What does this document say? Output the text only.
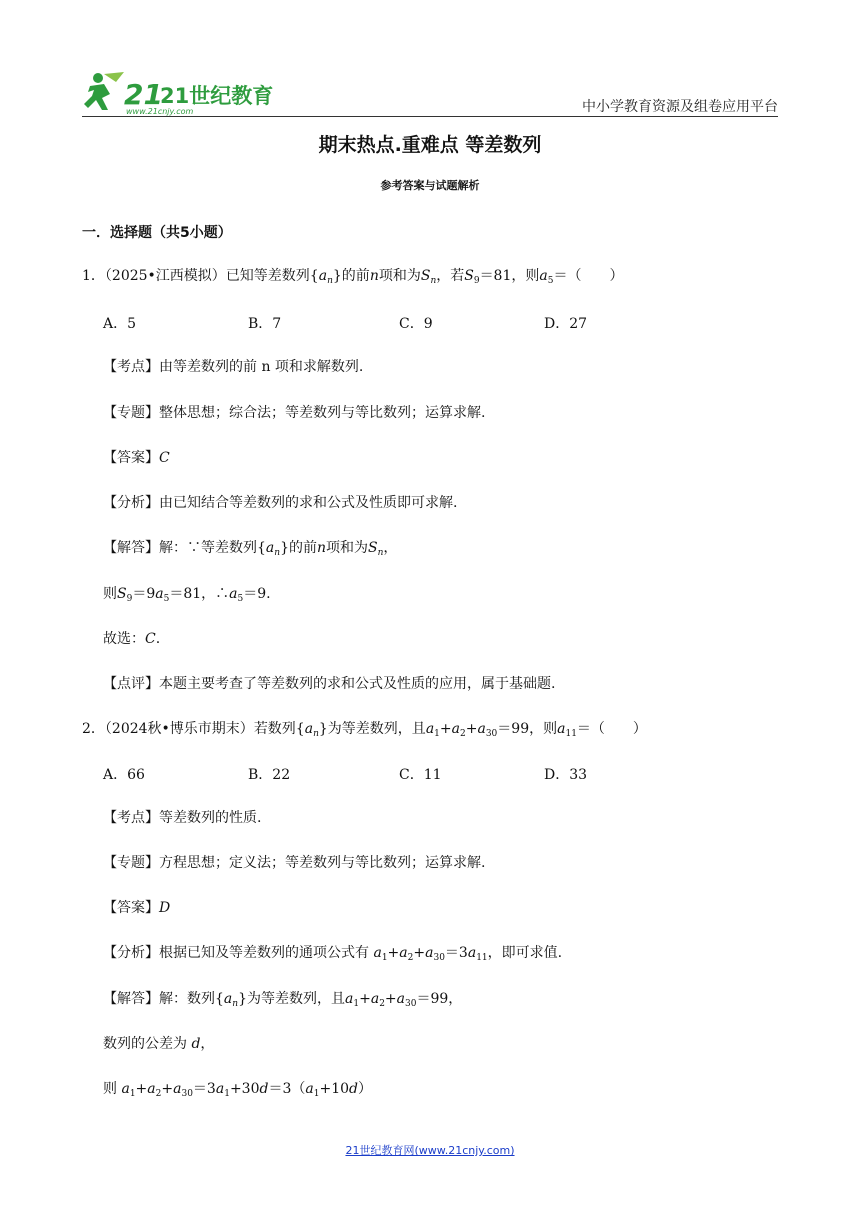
21
21世纪教育
www.21cnjy.com	中小学教育资源及组卷应用平台
期末热点.重难点 等差数列
参考答案与试题解析
一．选择题（共5小题）
1．（2025•江西模拟）已知等差数列$\{a_n\}$的前n项和为$S_n$，若$S_9=81$，则$a_5=$（　　）
A．5	B．7	C．9	D．27
【考点】由等差数列的前 n 项和求解数列.
【专题】整体思想；综合法；等差数列与等比数列；运算求解.
【答案】C
【分析】由已知结合等差数列的求和公式及性质即可求解.
【解答】解：∵等差数列$\{a_n\}$的前n项和为$S_n$，
则$S_9=9a_5=81$，$\therefore a_5=9$.
故选：C.
【点评】本题主要考查了等差数列的求和公式及性质的应用，属于基础题.
2．（2024秋•博乐市期末）若数列$\{a_n\}$为等差数列，且$a_1+a_2+a_{30}=99$，则$a_{11}=$（　　）
A．66	B．22	C．11	D．33
【考点】等差数列的性质.
【专题】方程思想；定义法；等差数列与等比数列；运算求解.
【答案】D
【分析】根据已知及等差数列的通项公式有 $a_1+a_2+a_{30}=3a_{11}$，即可求值.
【解答】解：数列$\{a_n\}$为等差数列，且$a_1+a_2+a_{30}=99$，
数列的公差为 d，
则 $a_1+a_2+a_{30}=3a_1+30d=3(a_1+10d)$
21世纪教育网(www.21cnjy.com)
